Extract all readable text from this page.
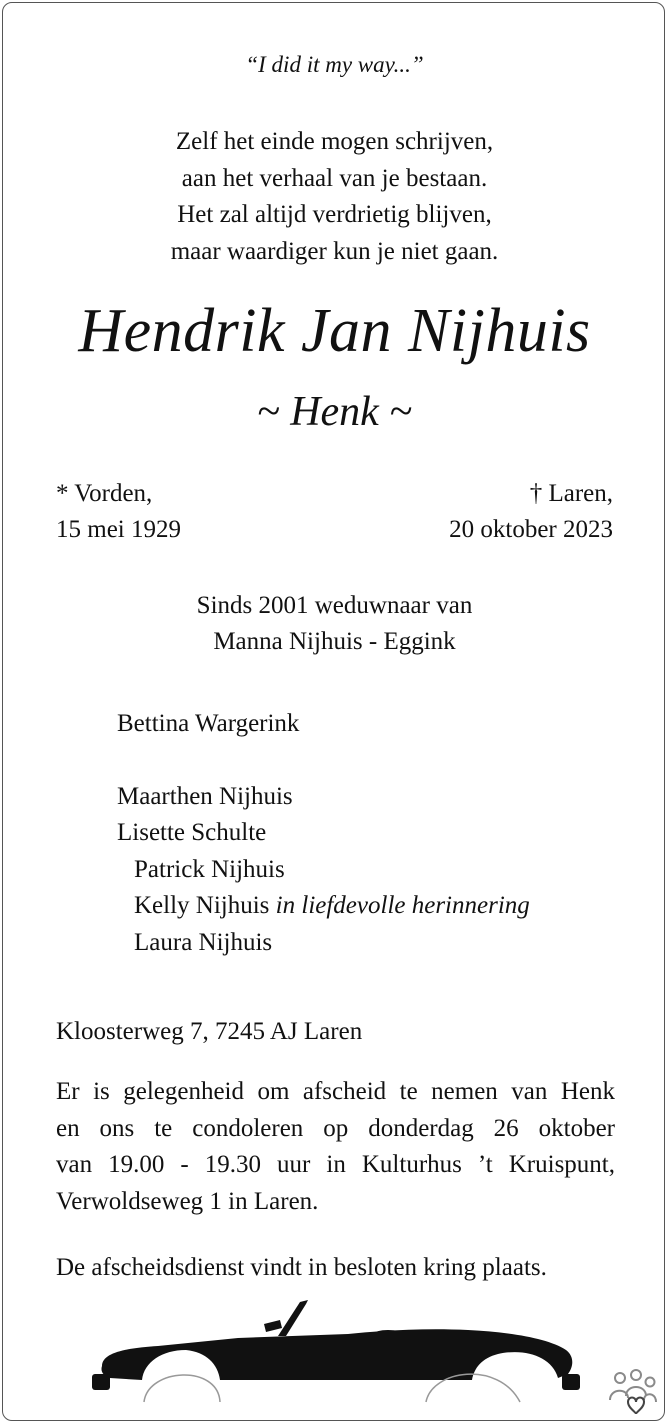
“I did it my way...”
Zelf het einde mogen schrijven,
aan het verhaal van je bestaan.
Het zal altijd verdrietig blijven,
maar waardiger kun je niet gaan.
Hendrik Jan Nijhuis
~ Henk ~
* Vorden,
15 mei 1929
† Laren,
20 oktober 2023
Sinds 2001 weduwnaar van
Manna Nijhuis - Eggink
Bettina Wargerink
Maarthen Nijhuis
Lisette Schulte
Patrick Nijhuis
Kelly Nijhuis in liefdevolle herinnering
Laura Nijhuis
Kloosterweg 7, 7245 AJ Laren
Er is gelegenheid om afscheid te nemen van Henk
en ons te condoleren op donderdag 26 oktober
van 19.00 - 19.30 uur in Kulturhus ’t Kruispunt,
Verwoldseweg 1 in Laren.
De afscheidsdienst vindt in besloten kring plaats.
